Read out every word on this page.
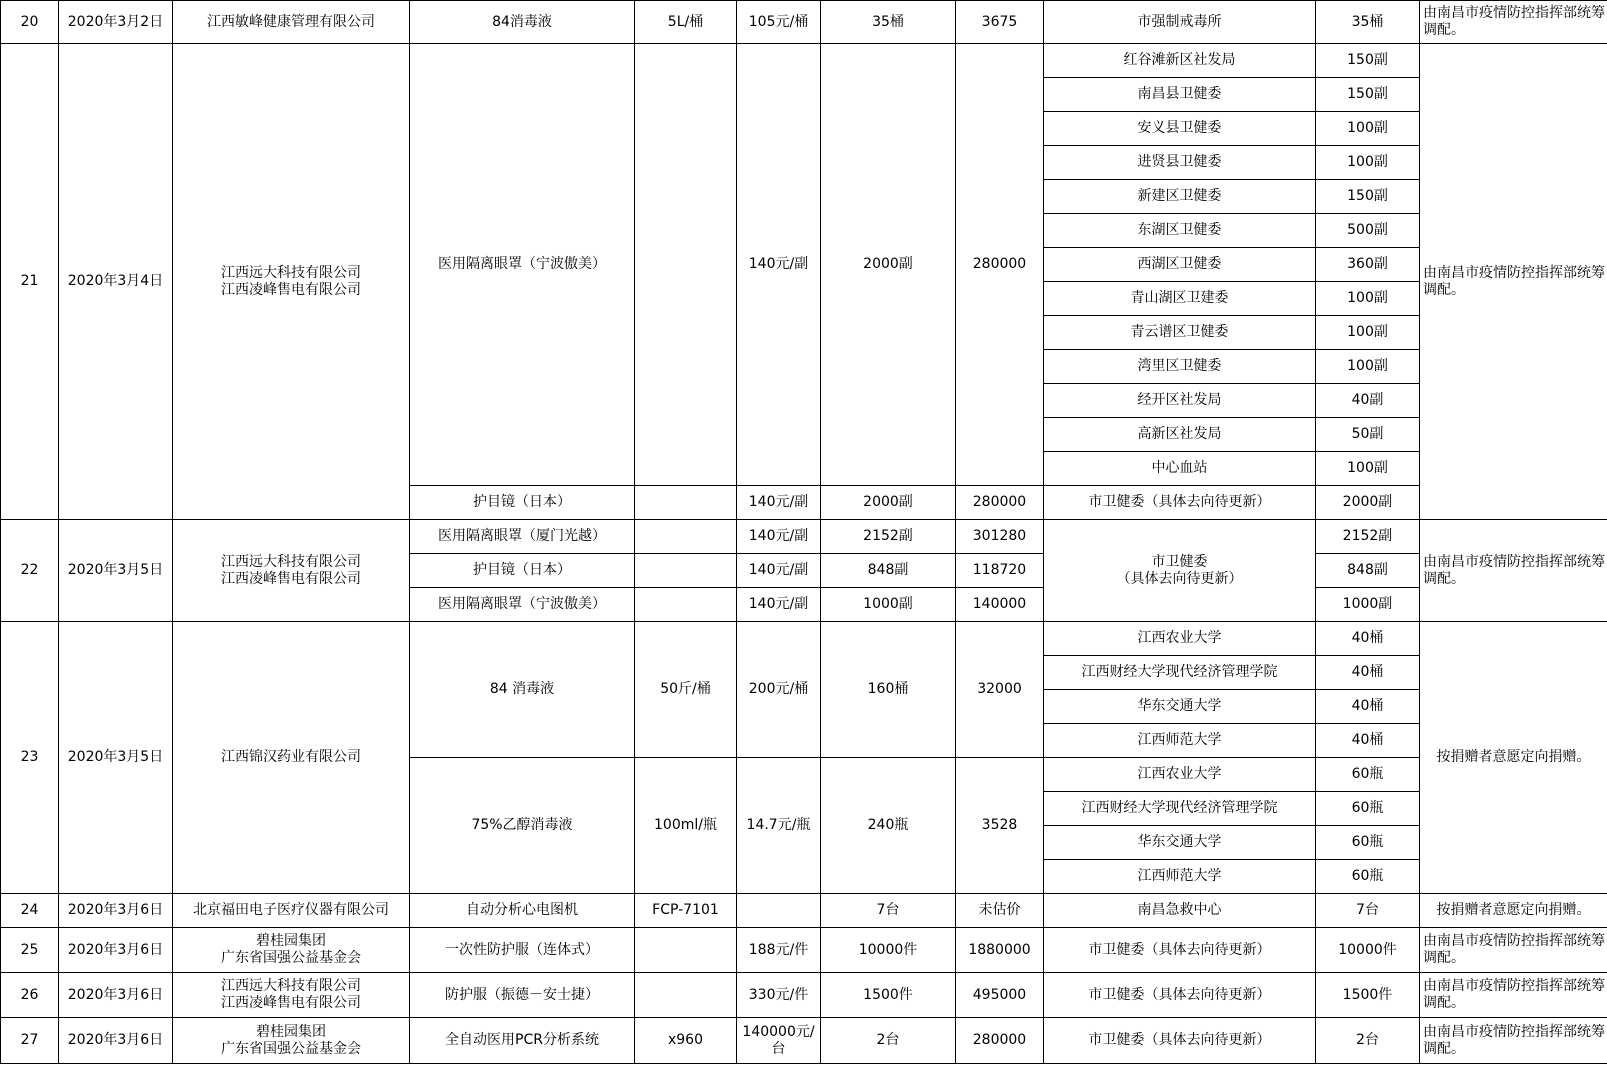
20	2020年3月2日	江西敏峰健康管理有限公司	84消毒液	5L/桶	105元/桶	35桶	3675	市强制戒毒所	35桶	由南昌市疫情防控指挥部统筹调配。
21	2020年3月4日	江西远大科技有限公司
江西凌峰售电有限公司	医用隔离眼罩（宁波傲美）		140元/副	2000副	280000	红谷滩新区社发局	150副	由南昌市疫情防控指挥部统筹调配。
								南昌县卫健委	150副	
								安义县卫健委	100副	
								进贤县卫健委	100副	
								新建区卫健委	150副	
								东湖区卫健委	500副	
								西湖区卫健委	360副	
								青山湖区卫建委	100副	
								青云谱区卫健委	100副	
								湾里区卫健委	100副	
								经开区社发局	40副	
								高新区社发局	50副	
								中心血站	100副	
			护目镜（日本）		140元/副	2000副	280000	市卫健委（具体去向待更新）	2000副	
22	2020年3月5日	江西远大科技有限公司
江西凌峰售电有限公司	医用隔离眼罩（厦门光越）		140元/副	2152副	301280	市卫健委
（具体去向待更新）	2152副	由南昌市疫情防控指挥部统筹调配。
			护目镜（日本）		140元/副	848副	118720		848副	
			医用隔离眼罩（宁波傲美）		140元/副	1000副	140000		1000副	
23	2020年3月5日	江西锦汉药业有限公司	84 消毒液	50斤/桶	200元/桶	160桶	32000	江西农业大学	40桶	按捐赠者意愿定向捐赠。
								江西财经大学现代经济管理学院	40桶	
								华东交通大学	40桶	
								江西师范大学	40桶	
			75%乙醇消毒液	100ml/瓶	14.7元/瓶	240瓶	3528	江西农业大学	60瓶	
								江西财经大学现代经济管理学院	60瓶	
								华东交通大学	60瓶	
								江西师范大学	60瓶	
24	2020年3月6日	北京福田电子医疗仪器有限公司	自动分析心电图机	FCP-7101		7台	未估价	南昌急救中心	7台	按捐赠者意愿定向捐赠。
25	2020年3月6日	碧桂园集团
广东省国强公益基金会	一次性防护服（连体式）		188元/件	10000件	1880000	市卫健委（具体去向待更新）	10000件	由南昌市疫情防控指挥部统筹调配。
26	2020年3月6日	江西远大科技有限公司
江西凌峰售电有限公司	防护服（振德－安士捷）		330元/件	1500件	495000	市卫健委（具体去向待更新）	1500件	由南昌市疫情防控指挥部统筹调配。
27	2020年3月6日	碧桂园集团
广东省国强公益基金会	全自动医用PCR分析系统	x960	140000元/
台	2台	280000	市卫健委（具体去向待更新）	2台	由南昌市疫情防控指挥部统筹调配。
